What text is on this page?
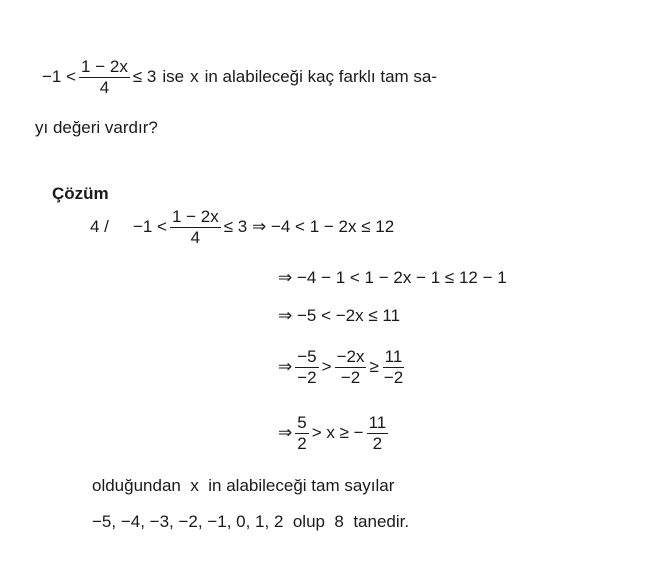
$-1 < \frac{1 - 2x}{4} \le 3$ ise x in alabileceği kaç farklı tam sa-
yı değeri vardır?
Çözüm
$4 / -1 < \frac{1 - 2x}{4} \le 3$ ⇒ −4 < 1 − 2x ≤ 12
⇒ −4 − 1 < 1 − 2x − 1 ≤ 12 − 1
⇒ −5 < −2x ≤ 11
⇒ $\frac{-5}{-2} > \frac{-2x}{-2} \ge \frac{11}{-2}$
⇒ $\frac{5}{2} > x$ ≥ − $\frac{11}{2}$
olduğundan  x  in alabileceği tam sayılar
−5, −4, −3, −2, −1, 0, 1, 2  olup  8  tanedir.
